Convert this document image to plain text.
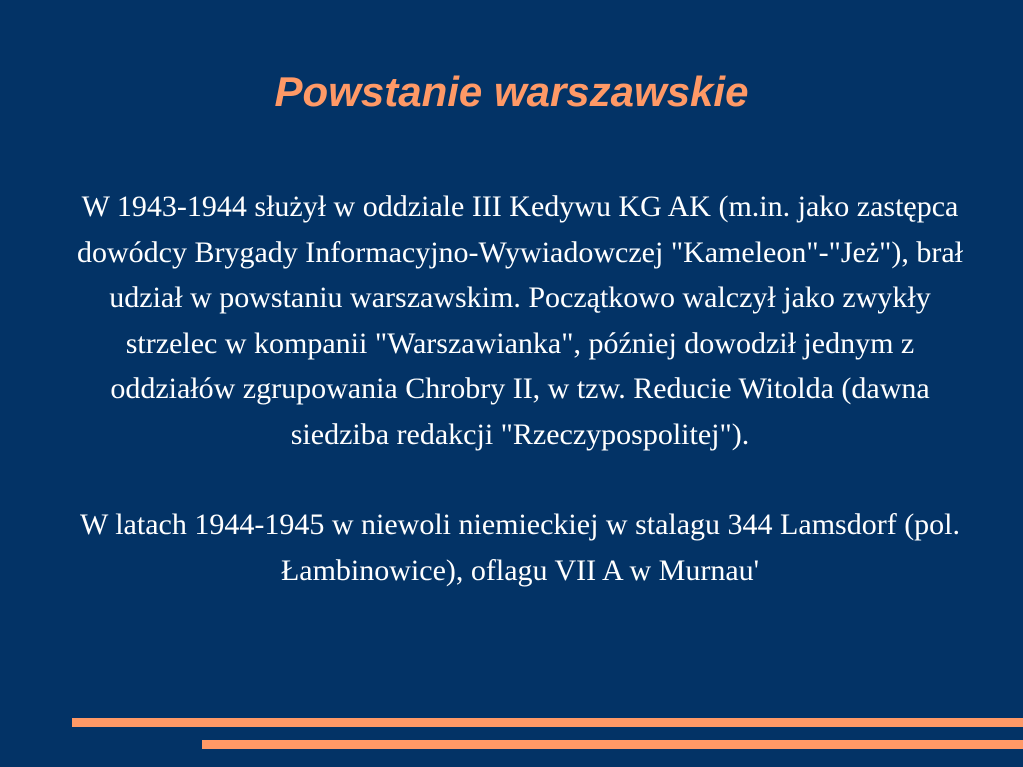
Powstanie warszawskie

W 1943-1944 służył w oddziale III Kedywu KG AK (m.in. jako zastępca dowódcy Brygady Informacyjno-Wywiadowczej "Kameleon"-"Jeż"), brał udział w powstaniu warszawskim. Początkowo walczył jako zwykły strzelec w kompanii "Warszawianka", później dowodził jednym z oddziałów zgrupowania Chrobry II, w tzw. Reducie Witolda (dawna siedziba redakcji "Rzeczypospolitej").

W latach 1944-1945 w niewoli niemieckiej w stalagu 344 Lamsdorf (pol. Łambinowice), oflagu VII A w Murnau'
